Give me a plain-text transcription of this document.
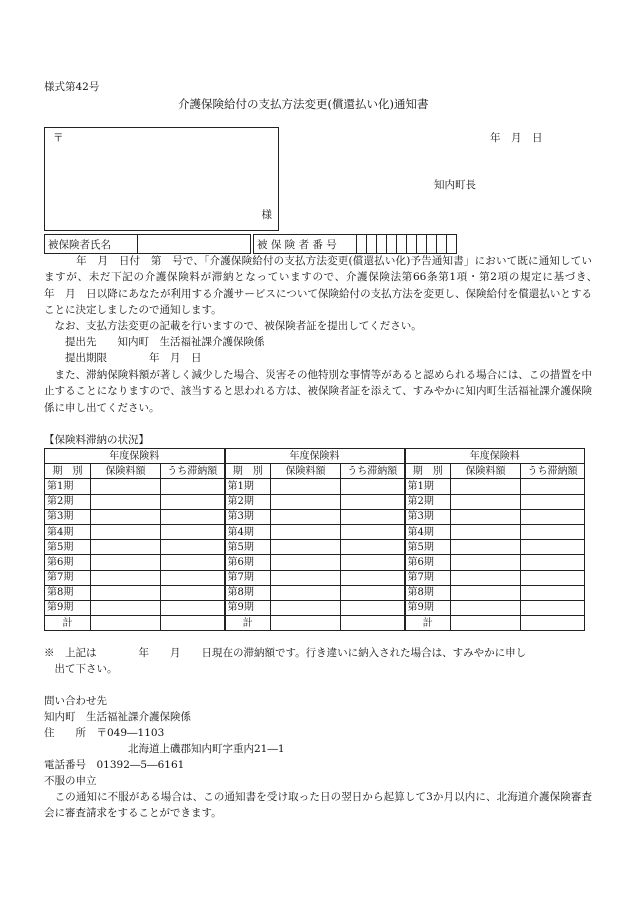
様式第42号
介護保険給付の支払方法変更(償還払い化)通知書
〒
様
年　月　日
知内町長
被保険者氏名			被 保 険 者 番 号										
　　　年　月　日付　第　号で、「介護保険給付の支払方法変更(償還払い化)予告通知書」において既に通知していますが、未だ下記の介護保険料が滞納となっていますので、介護保険法第66条第1項・第2項の規定に基づき、　　　年　月　日以降にあなたが利用する介護サービスについて保険給付の支払方法を変更し、保険給付を償還払いとすることに決定しましたので通知します。
　なお、支払方法変更の記載を行いますので、被保険者証を提出してください。
　　提出先　　知内町　生活福祉課介護保険係
　　提出期限　　　　年　月　日
　また、滞納保険料額が著しく減少した場合、災害その他特別な事情等があると認められる場合には、この措置を中止することになりますので、該当すると思われる方は、被保険者証を添えて、すみやかに知内町生活福祉課介護保険係に申し出てください。
【保険料滞納の状況】
年度保険料			年度保険料			年度保険料		
期　別	保険料額	うち滞納額	期　別	保険料額	うち滞納額	期　別	保険料額	うち滞納額
第1期			第1期			第1期		
第2期			第2期			第2期		
第3期			第3期			第3期		
第4期			第4期			第4期		
第5期			第5期			第5期		
第6期			第6期			第6期		
第7期			第7期			第7期		
第8期			第8期			第8期		
第9期			第9期			第9期		
計			計			計		
※　上記は　　　　年　　月　　日現在の滞納額です。行き違いに納入された場合は、すみやかに申し
　出て下さい。
問い合わせ先
知内町　生活福祉課介護保険係
住　　所　〒049―1103
北海道上磯郡知内町字重内21―1
電話番号　01392―5―6161
不服の申立
　この通知に不服がある場合は、この通知書を受け取った日の翌日から起算して3か月以内に、北海道介護保険審査会に審査請求をすることができます。
